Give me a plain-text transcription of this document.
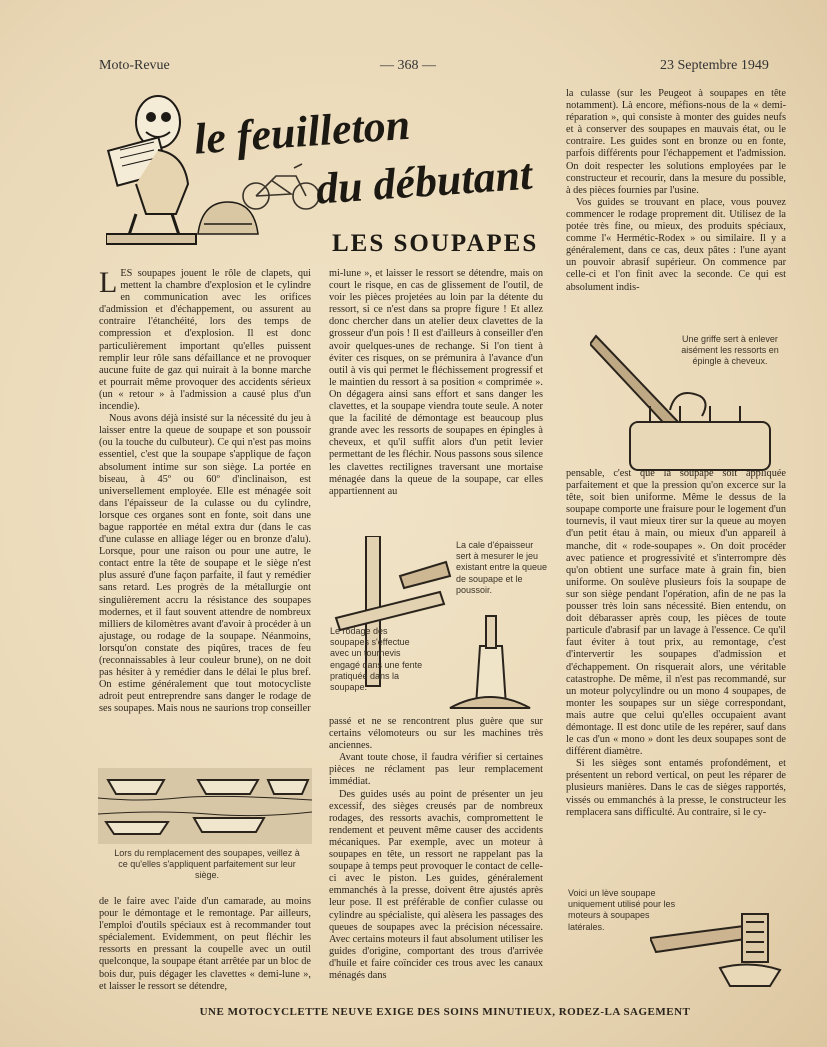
Moto-Revue	— 368 —	23 Septembre 1949
le feuilleton
du débutant
LES SOUPAPES
L ES soupapes jouent le rôle de clapets, qui mettent la chambre d'explosion et le cylindre en communication avec les orifices d'admission et d'échappement, ou assurent au contraire l'étanchéité, lors des temps de compression et d'explosion. Il est donc particulièrement important qu'elles puissent remplir leur rôle sans défaillance et ne provoquer aucune fuite de gaz qui nuirait à la bonne marche et pourrait même provoquer des accidents sérieux (un « retour » à l'admission a causé plus d'un incendie).

Nous avons déjà insisté sur la nécessité du jeu à laisser entre la queue de soupape et son poussoir (ou la touche du culbuteur). Ce qui n'est pas moins essentiel, c'est que la soupape s'applique de façon absolument intime sur son siège. La portée en biseau, à 45º ou 60º d'inclinaison, est universellement employée. Elle est ménagée soit dans l'épaisseur de la culasse ou du cylindre, lorsque ces organes sont en fonte, soit dans une bague rapportée en métal extra dur (dans le cas d'une culasse en alliage léger ou en bronze d'alu). Lorsque, pour une raison ou pour une autre, le contact entre la tête de soupape et le siège n'est plus assuré d'une façon parfaite, il faut y remédier sans retard. Les progrès de la métallurgie ont singulièrement accru la résistance des soupapes modernes, et il faut souvent attendre de nombreux milliers de kilomètres avant d'avoir à procéder à un ajustage, ou rodage de la soupape. Néanmoins, lorsqu'on constate des piqûres, traces de feu (reconnaissables à leur couleur brune), on ne doit pas hésiter à y remédier dans le délai le plus bref. On estime généralement que tout motocycliste adroit peut entreprendre sans danger le rodage de ses soupapes. Mais nous ne saurions trop conseiller

Lors du remplacement des soupapes, veillez à ce qu'elles s'appliquent parfaitement sur leur siège.

de le faire avec l'aide d'un camarade, au moins pour le démontage et le remontage. Par ailleurs, l'emploi d'outils spéciaux est à recommander tout spécialement. Evidemment, on peut fléchir les ressorts en pressant la coupelle avec un outil quelconque, la soupape étant arrêtée par un bloc de bois dur, puis dégager les clavettes « demi-lune », et laisser le ressort se détendre,

mi-lune », et laisser le ressort se détendre, mais on court le risque, en cas de glissement de l'outil, de voir les pièces projetées au loin par la détente du ressort, si ce n'est dans sa propre figure ! Et allez donc chercher dans un atelier deux clavettes de la grosseur d'un pois ! Il est d'ailleurs à conseiller d'en avoir quelques-unes de rechange. Si l'on tient à éviter ces risques, on se prémunira à l'avance d'un outil à vis qui permet le fléchissement progressif et le maintien du ressort à sa position « comprimée ». On dégagera ainsi sans effort et sans danger les clavettes, et la soupape viendra toute seule. A noter que la facilité de démontage est beaucoup plus grande avec les ressorts de soupapes en épingles à cheveux, et qu'il suffit alors d'un petit levier permettant de les fléchir. Nous passons sous silence les clavettes rectilignes traversant une mortaise ménagée dans la queue de la soupape, car elles appartiennent au

La cale d'épaisseur sert à mesurer le jeu existant entre la queue de soupape et le poussoir.
Le rodage des soupapes s'effectue avec un tournevis engagé dans une fente pratiquée dans la soupape.

passé et ne se rencontrent plus guère que sur certains vélomoteurs ou sur les machines très anciennes.

Avant toute chose, il faudra vérifier si certaines pièces ne réclament pas leur remplacement immédiat.

Des guides usés au point de présenter un jeu excessif, des sièges creusés par de nombreux rodages, des ressorts avachis, compromettent le rendement et peuvent même causer des accidents mécaniques. Par exemple, avec un moteur à soupapes en tête, un ressort ne rappelant pas la soupape à temps peut provoquer le contact de celle-ci avec le piston. Les guides, généralement emmanchés à la presse, doivent être ajustés après leur pose. Il est préférable de confier culasse ou cylindre au spécialiste, qui alèsera les passages des queues de soupapes avec la précision nécessaire. Avec certains moteurs il faut absolument utiliser les guides d'origine, comportant des trous d'arrivée d'huile et faire coïncider ces trous avec les canaux ménagés dans

la culasse (sur les Peugeot à soupapes en tête notamment). Là encore, méfions-nous de la « demi-réparation », qui consiste à monter des guides neufs et à conserver des soupapes en mauvais état, ou le contraire. Les guides sont en bronze ou en fonte, parfois différents pour l'échappement et l'admission. On doit respecter les solutions employées par le constructeur et recourir, dans la mesure du possible, à des pièces fournies par l'usine.

Vos guides se trouvant en place, vous pouvez commencer le rodage proprement dit. Utilisez de la potée très fine, ou mieux, des produits spéciaux, comme l'« Hermétic-Rodex » ou similaire. Il y a généralement, dans ce cas, deux pâtes : l'une ayant un pouvoir abrasif supérieur. On commence par celle-ci et l'on finit avec la seconde. Ce qui est absolument indis-

Une griffe sert à enlever aisément les ressorts en épingle à cheveux.

pensable, c'est que la soupape soit appliquée parfaitement et que la pression qu'on excerce sur la tête, soit bien uniforme. Même le dessus de la soupape comporte une fraisure pour le logement d'un tournevis, il vaut mieux tirer sur la queue au moyen d'un petit étau à main, ou mieux d'un appareil à manche, dit « rode-soupapes ». On doit procéder avec patience et progressivité et s'interrompre dès qu'on obtient une surface mate à grain fin, bien uniforme. On soulève plusieurs fois la soupape de sur son siège pendant l'opération, afin de ne pas la pousser très loin sans nécessité. Bien entendu, on doit débarasser après coup, les pièces de toute particule d'abrasif par un lavage à l'essence. Ce qu'il faut éviter à tout prix, au remontage, c'est d'intervertir les soupapes d'admission et d'échappement. On risquerait alors, une véritable catastrophe. De même, il n'est pas recommandé, sur un moteur polycylindre ou un mono 4 soupapes, de monter les soupapes sur un siège correspondant, mais autre que celui qu'elles occupaient avant démontage. Il est donc utile de les repérer, sauf dans le cas d'un « mono » dont les deux soupapes sont de différent diamètre.

Si les sièges sont entamés profondément, et présentent un rebord vertical, on peut les réparer de plusieurs manières. Dans le cas de sièges rapportés, vissés ou emmanchés à la presse, le constructeur les remplacera sans difficulté. Au contraire, si le cy-

Voici un lève soupape uniquement utilisé pour les moteurs à soupapes latérales.
UNE MOTOCYCLETTE NEUVE EXIGE DES SOINS MINUTIEUX, RODEZ-LA SAGEMENT
